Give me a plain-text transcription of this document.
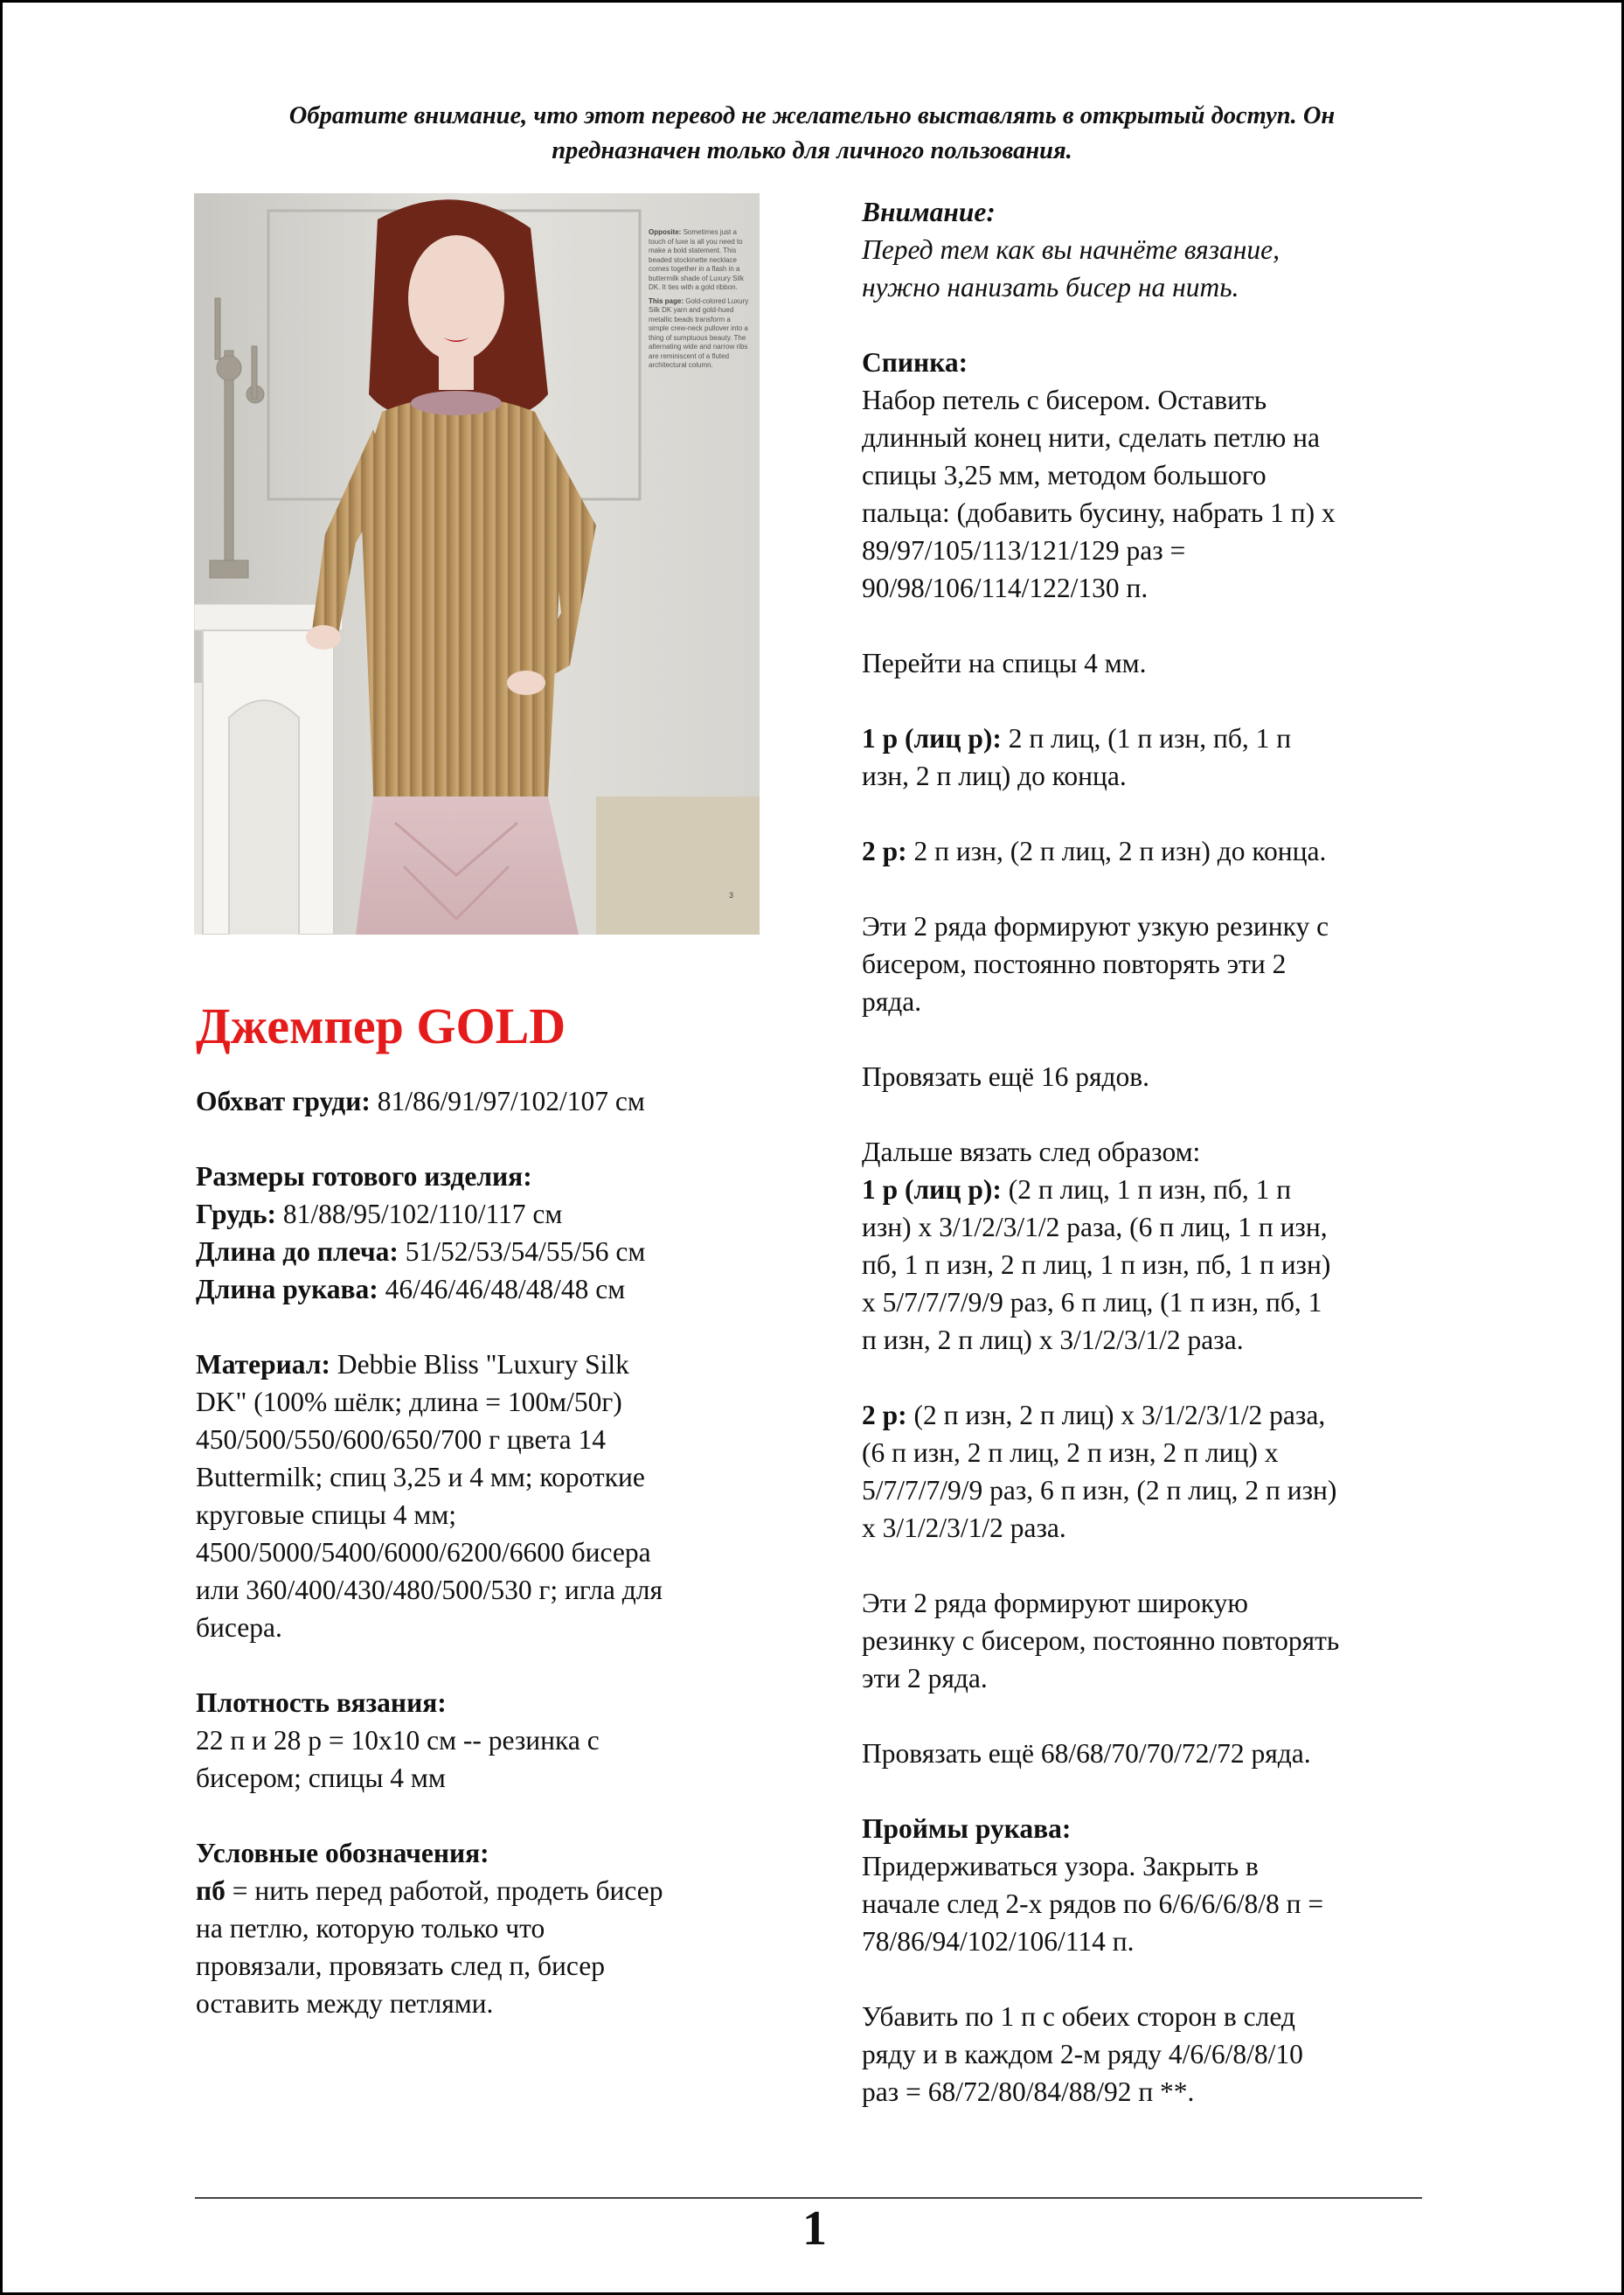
Обратите внимание, что этот перевод не желательно выставлять в открытый доступ. Он
предназначен только для личного пользования.

Opposite: Sometimes just a touch of luxe is all you need to make a bold statement. This beaded stockinette necklace comes together in a flash in a buttermilk shade of Luxury Silk DK. It ties with a gold ribbon.

This page: Gold-colored Luxury Silk DK yarn and gold-hued metallic beads transform a simple crew-neck pullover into a thing of sumptuous beauty. The alternating wide and narrow ribs are reminiscent of a fluted architectural column.

3
Джемпер GOLD
Обхват груди: 81/86/91/97/102/107 см
Размеры готового изделия:
Грудь: 81/88/95/102/110/117 см
Длина до плеча: 51/52/53/54/55/56 см
Длина рукава: 46/46/46/48/48/48 см
Материал: Debbie Bliss "Luxury Silk
DK" (100% шёлк; длина = 100м/50г)
450/500/550/600/650/700 г цвета 14
Buttermilk; спиц 3,25 и 4 мм; короткие
круговые спицы 4 мм;
4500/5000/5400/6000/6200/6600 бисера
или 360/400/430/480/500/530 г; игла для
бисера.
Плотность вязания:
22 п и 28 р = 10х10 см -- резинка с
бисером; спицы 4 мм
Условные обозначения:
пб = нить перед работой, продеть бисер
на петлю, которую только что
провязали, провязать след п, бисер
оставить между петлями.
Внимание:
Перед тем как вы начнёте вязание,
нужно нанизать бисер на нить.
Спинка:
Набор петель с бисером. Оставить
длинный конец нити, сделать петлю на
спицы 3,25 мм, методом большого
пальца: (добавить бусину, набрать 1 п) х
89/97/105/113/121/129 раз =
90/98/106/114/122/130 п.
Перейти на спицы 4 мм.
1 р (лиц р): 2 п лиц, (1 п изн, пб, 1 п
изн, 2 п лиц) до конца.
2 р: 2 п изн, (2 п лиц, 2 п изн) до конца.
Эти 2 ряда формируют узкую резинку с
бисером, постоянно повторять эти 2
ряда.
Провязать ещё 16 рядов.
Дальше вязать след образом:
1 р (лиц р): (2 п лиц, 1 п изн, пб, 1 п
изн) х 3/1/2/3/1/2 раза, (6 п лиц, 1 п изн,
пб, 1 п изн, 2 п лиц, 1 п изн, пб, 1 п изн)
х 5/7/7/7/9/9 раз, 6 п лиц, (1 п изн, пб, 1
п изн, 2 п лиц) х 3/1/2/3/1/2 раза.
2 р: (2 п изн, 2 п лиц) х 3/1/2/3/1/2 раза,
(6 п изн, 2 п лиц, 2 п изн, 2 п лиц) х
5/7/7/7/9/9 раз, 6 п изн, (2 п лиц, 2 п изн)
х 3/1/2/3/1/2 раза.
Эти 2 ряда формируют широкую
резинку с бисером, постоянно повторять
эти 2 ряда.
Провязать ещё 68/68/70/70/72/72 ряда.
Проймы рукава:
Придерживаться узора. Закрыть в
начале след 2-х рядов по 6/6/6/6/8/8 п =
78/86/94/102/106/114 п.
Убавить по 1 п с обеих сторон в след
ряду и в каждом 2-м ряду 4/6/6/8/8/10
раз = 68/72/80/84/88/92 п **.
1
